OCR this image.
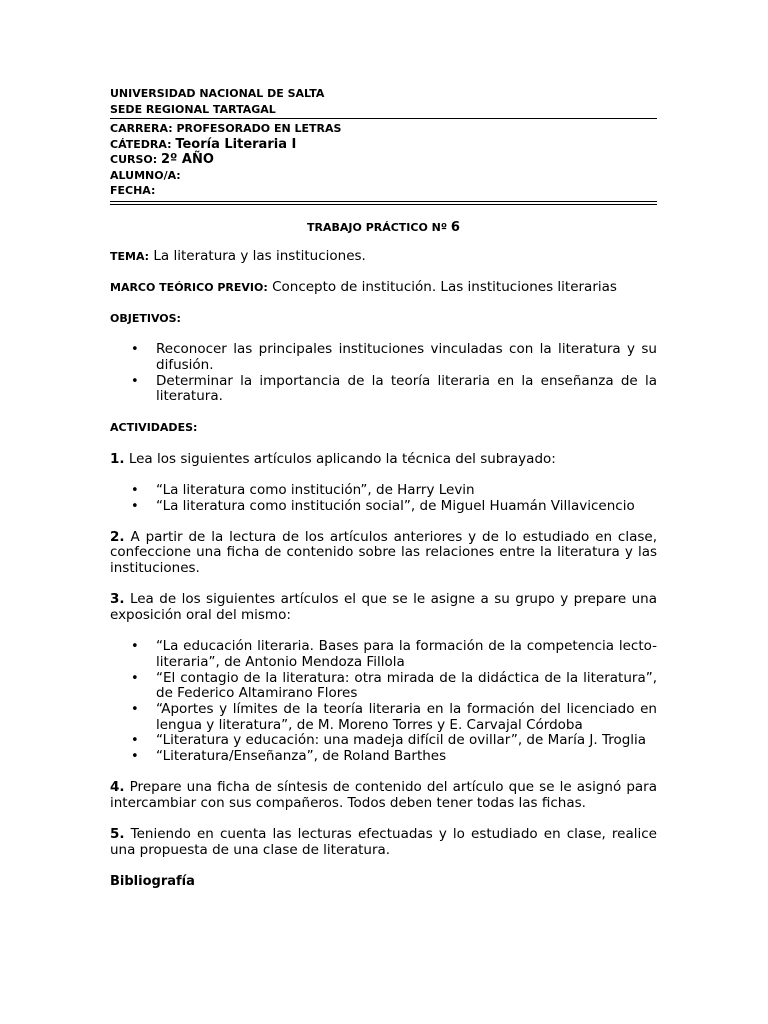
UNIVERSIDAD NACIONAL DE SALTA
SEDE REGIONAL TARTAGAL
CARRERA: PROFESORADO EN LETRAS
CÁTEDRA: Teoría Literaria I
CURSO: 2º AÑO
ALUMNO/A:
FECHA:
TRABAJO PRÁCTICO Nº 6

TEMA: La literatura y las instituciones.

MARCO TEÓRICO PREVIO: Concepto de institución. Las instituciones literarias

OBJETIVOS:

• Reconocer las principales instituciones vinculadas con la literatura y su difusión.
• Determinar la importancia de la teoría literaria en la enseñanza de la literatura.

ACTIVIDADES:

1. Lea los siguientes artículos aplicando la técnica del subrayado:

• “La literatura como institución”, de Harry Levin
• “La literatura como institución social”, de Miguel Huamán Villavicencio

2. A partir de la lectura de los artículos anteriores y de lo estudiado en clase, confeccione una ficha de contenido sobre las relaciones entre la literatura y las instituciones.

3. Lea de los siguientes artículos el que se le asigne a su grupo y prepare una exposición oral del mismo:

• “La educación literaria. Bases para la formación de la competencia lecto-literaria”, de Antonio Mendoza Fillola
• “El contagio de la literatura: otra mirada de la didáctica de la literatura”, de Federico Altamirano Flores
• “Aportes y límites de la teoría literaria en la formación del licenciado en lengua y literatura”, de M. Moreno Torres y E. Carvajal Córdoba
• “Literatura y educación: una madeja difícil de ovillar”, de María J. Troglia
• “Literatura/Enseñanza”, de Roland Barthes

4. Prepare una ficha de síntesis de contenido del artículo que se le asignó para intercambiar con sus compañeros. Todos deben tener todas las fichas.

5. Teniendo en cuenta las lecturas efectuadas y lo estudiado en clase, realice una propuesta de una clase de literatura.

Bibliografía
